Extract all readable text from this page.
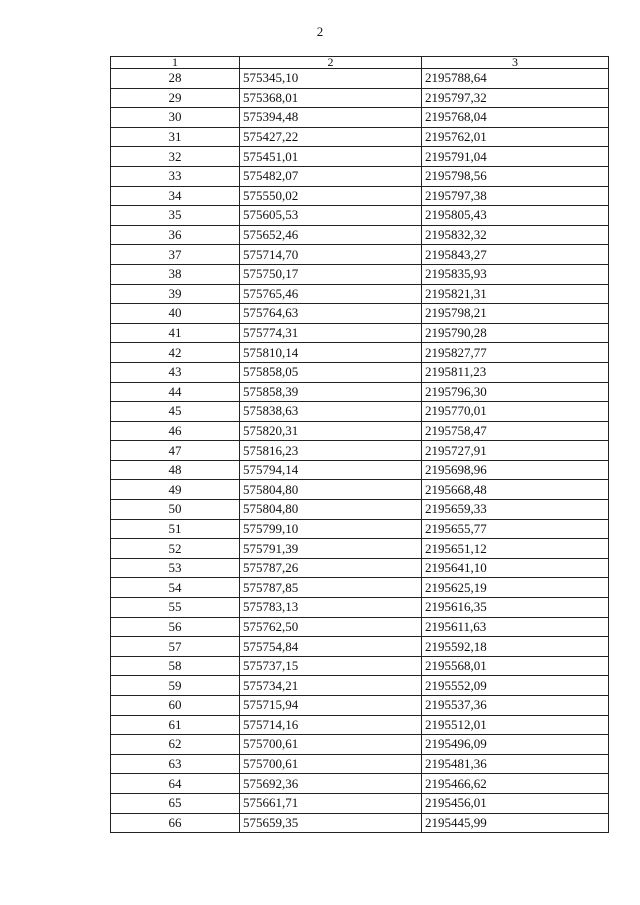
2
1	2	3
28	575345,10	2195788,64
29	575368,01	2195797,32
30	575394,48	2195768,04
31	575427,22	2195762,01
32	575451,01	2195791,04
33	575482,07	2195798,56
34	575550,02	2195797,38
35	575605,53	2195805,43
36	575652,46	2195832,32
37	575714,70	2195843,27
38	575750,17	2195835,93
39	575765,46	2195821,31
40	575764,63	2195798,21
41	575774,31	2195790,28
42	575810,14	2195827,77
43	575858,05	2195811,23
44	575858,39	2195796,30
45	575838,63	2195770,01
46	575820,31	2195758,47
47	575816,23	2195727,91
48	575794,14	2195698,96
49	575804,80	2195668,48
50	575804,80	2195659,33
51	575799,10	2195655,77
52	575791,39	2195651,12
53	575787,26	2195641,10
54	575787,85	2195625,19
55	575783,13	2195616,35
56	575762,50	2195611,63
57	575754,84	2195592,18
58	575737,15	2195568,01
59	575734,21	2195552,09
60	575715,94	2195537,36
61	575714,16	2195512,01
62	575700,61	2195496,09
63	575700,61	2195481,36
64	575692,36	2195466,62
65	575661,71	2195456,01
66	575659,35	2195445,99
